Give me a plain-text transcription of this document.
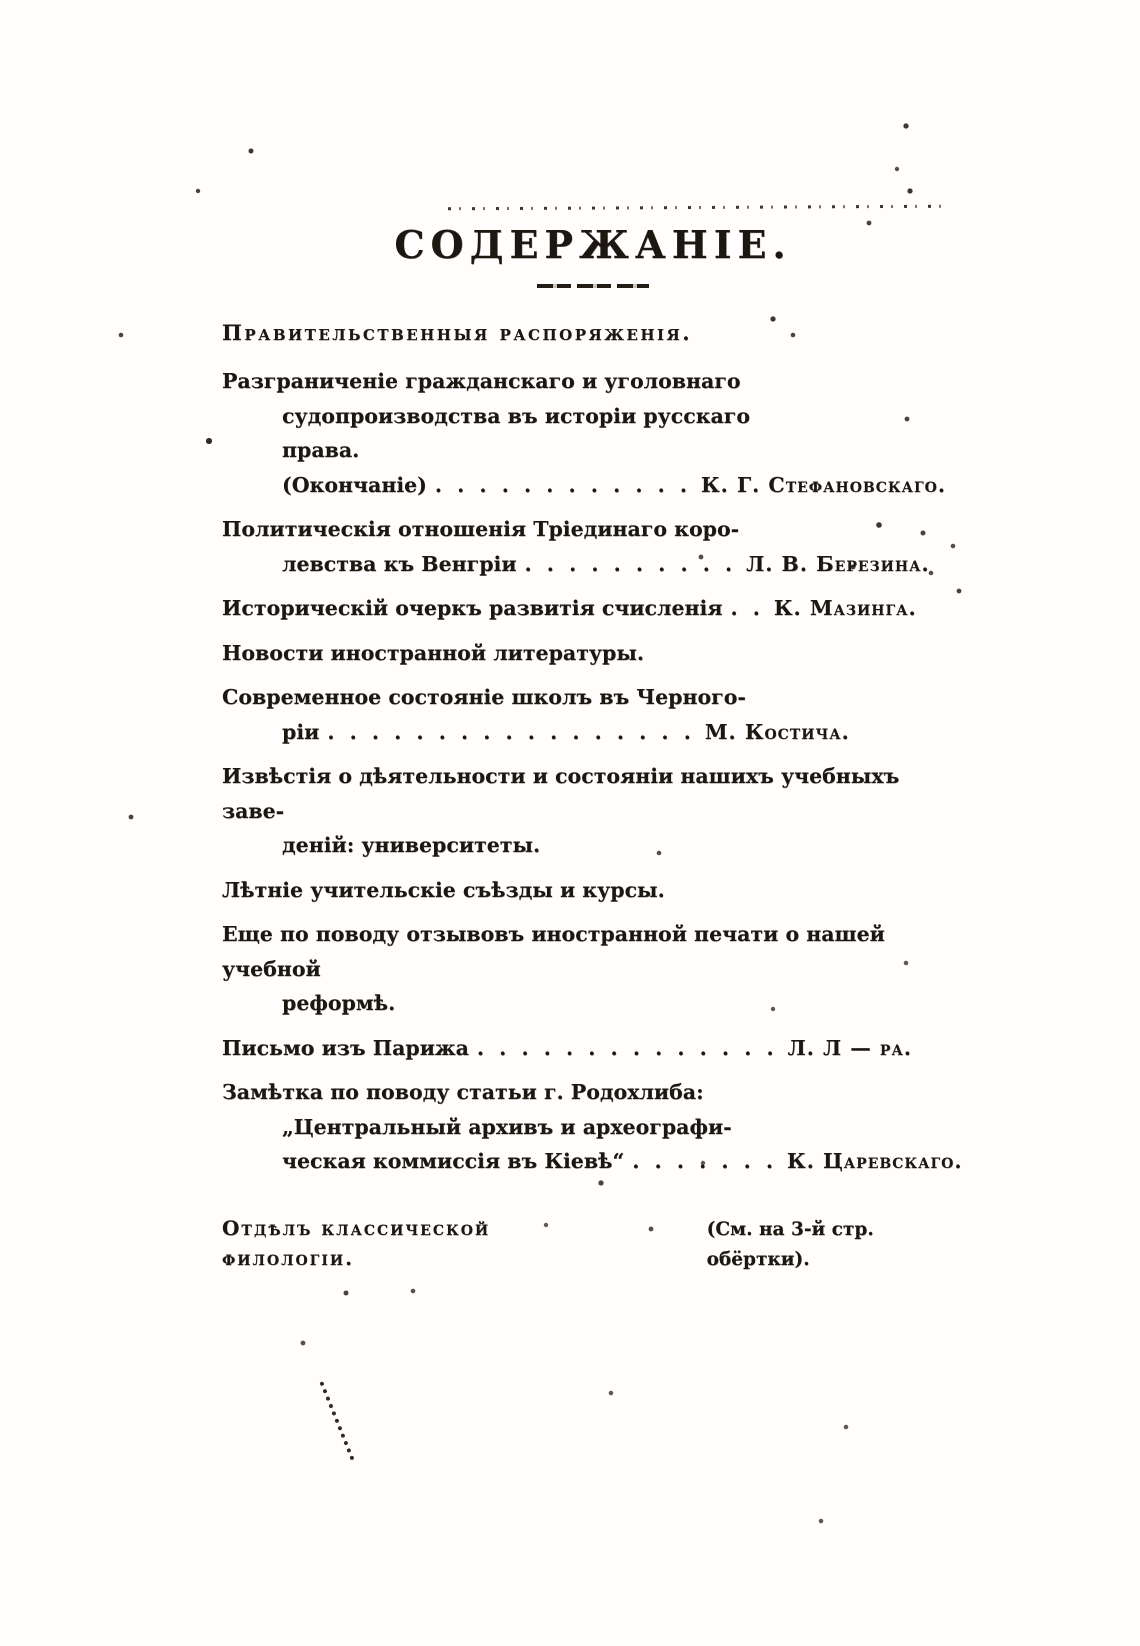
СОДЕРЖАНІЕ.
Правительственныя распоряженія.
Разграниченіе гражданскаго и уголовнаго
судопроизводства въ исторіи русскаго
права. (Окончаніе) . . . . . . . . . . . . К. Г. Стефановскаго.
Политическія отношенія Тріединаго коро-
левства къ Венгріи . . . . . . . . . . Л. В. Березина.
Историческій очеркъ развитія счисленія . . К. Мазинга.
Новости иностранной литературы.
Современное состояніе школъ въ Черного-
ріи . . . . . . . . . . . . . . . . . М. Костича.
Извѣстія о дѣятельности и состояніи нашихъ учебныхъ заве-
деній: университеты.
Лѣтніе учительскіе съѣзды и курсы.
Еще по поводу отзывовъ иностранной печати о нашей учебной
реформѣ.
Письмо изъ Парижа . . . . . . . . . . . . . . Л. Л — ра.
Замѣтка по поводу статьи г. Родохлиба:
„Центральный архивъ и археографи-
ческая коммиссія въ Кіевѣ“ . . . . . . . К. Царевскаго.
Отдѣлъ классической филологіи.
(См. на 3-й стр. обёртки).
